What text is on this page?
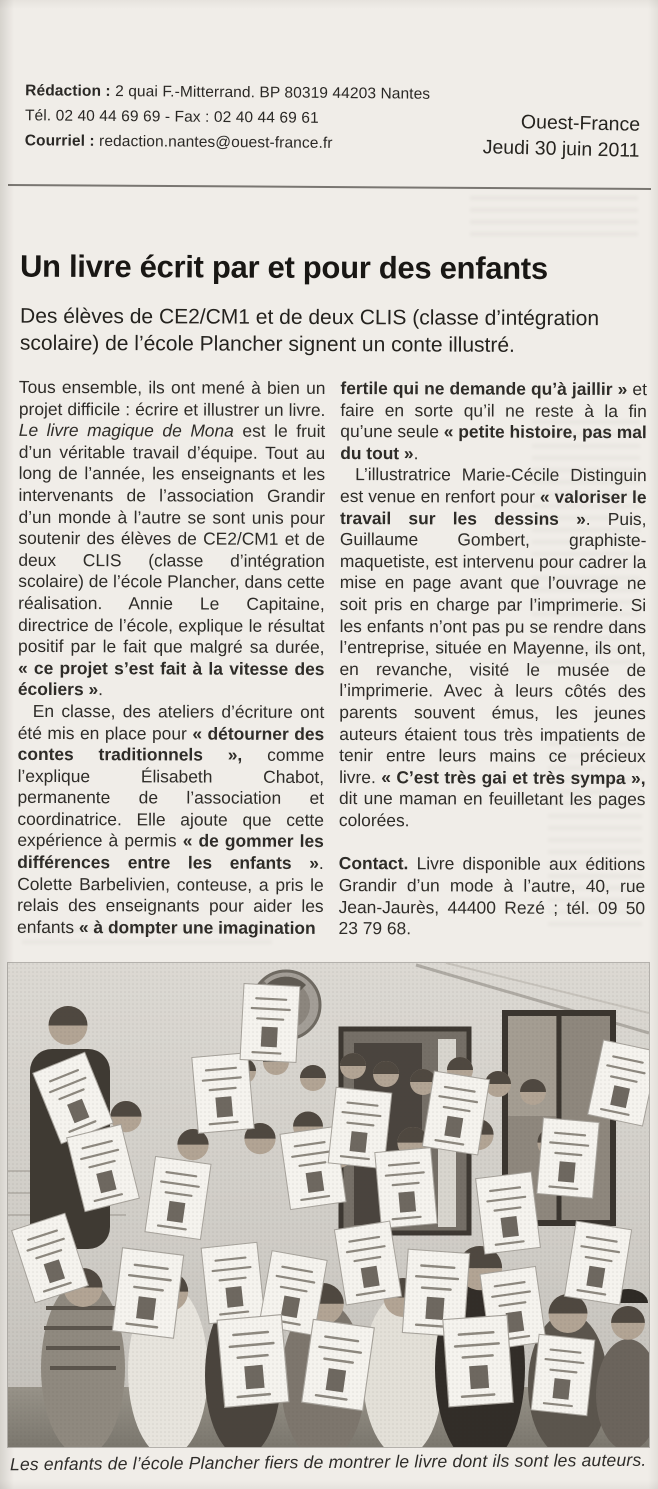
Rédaction : 2 quai F.-Mitterrand. BP 80319 44203 Nantes

Tél. 02 40 44 69 69 - Fax : 02 40 44 69 61

Courriel : redaction.nantes@ouest-france.fr

Ouest-France

Jeudi 30 juin 2011

Un livre écrit par et pour des enfants

Des élèves de CE2/CM1 et de deux CLIS (classe d’intégration scolaire) de l’école Plancher signent un conte illustré.

Tous ensemble, ils ont mené à bien un projet difficile : écrire et illustrer un livre. Le livre magique de Mona est le fruit d’un véritable travail d’équipe. Tout au long de l’année, les enseignants et les intervenants de l’association Grandir d’un monde à l’autre se sont unis pour soutenir des élèves de CE2/CM1 et de deux CLIS (classe d’intégration scolaire) de l’école Plancher, dans cette réalisation. Annie Le Capitaine, directrice de l’école, explique le résultat positif par le fait que malgré sa durée, « ce projet s’est fait à la vitesse des écoliers ».

En classe, des ateliers d’écriture ont été mis en place pour « détourner des contes traditionnels », comme l’explique Élisabeth Chabot, permanente de l’association et coordinatrice. Elle ajoute que cette expérience à permis « de gommer les différences entre les enfants ». Colette Barbelivien, conteuse, a pris le relais des enseignants pour aider les enfants « à dompter une imagination

fertile qui ne demande qu’à jaillir » et faire en sorte qu’il ne reste à la fin qu’une seule « petite histoire, pas mal du tout ».

L’illustratrice Marie-Cécile Distinguin est venue en renfort pour « valoriser le travail sur les dessins ». Puis, Guillaume Gombert, graphiste-maquetiste, est intervenu pour cadrer la mise en page avant que l’ouvrage ne soit pris en charge par l’imprimerie. Si les enfants n’ont pas pu se rendre dans l’entreprise, située en Mayenne, ils ont, en revanche, visité le musée de l’imprimerie. Avec à leurs côtés des parents souvent émus, les jeunes auteurs étaient tous très impatients de tenir entre leurs mains ce précieux livre. « C’est très gai et très sympa », dit une maman en feuilletant les pages colorées.

Contact. Livre disponible aux éditions Grandir d’un mode à l’autre, 40, rue Jean-Jaurès, 44400 Rezé ; tél. 09 50 23 79 68.

Les enfants de l’école Plancher fiers de montrer le livre dont ils sont les auteurs.
